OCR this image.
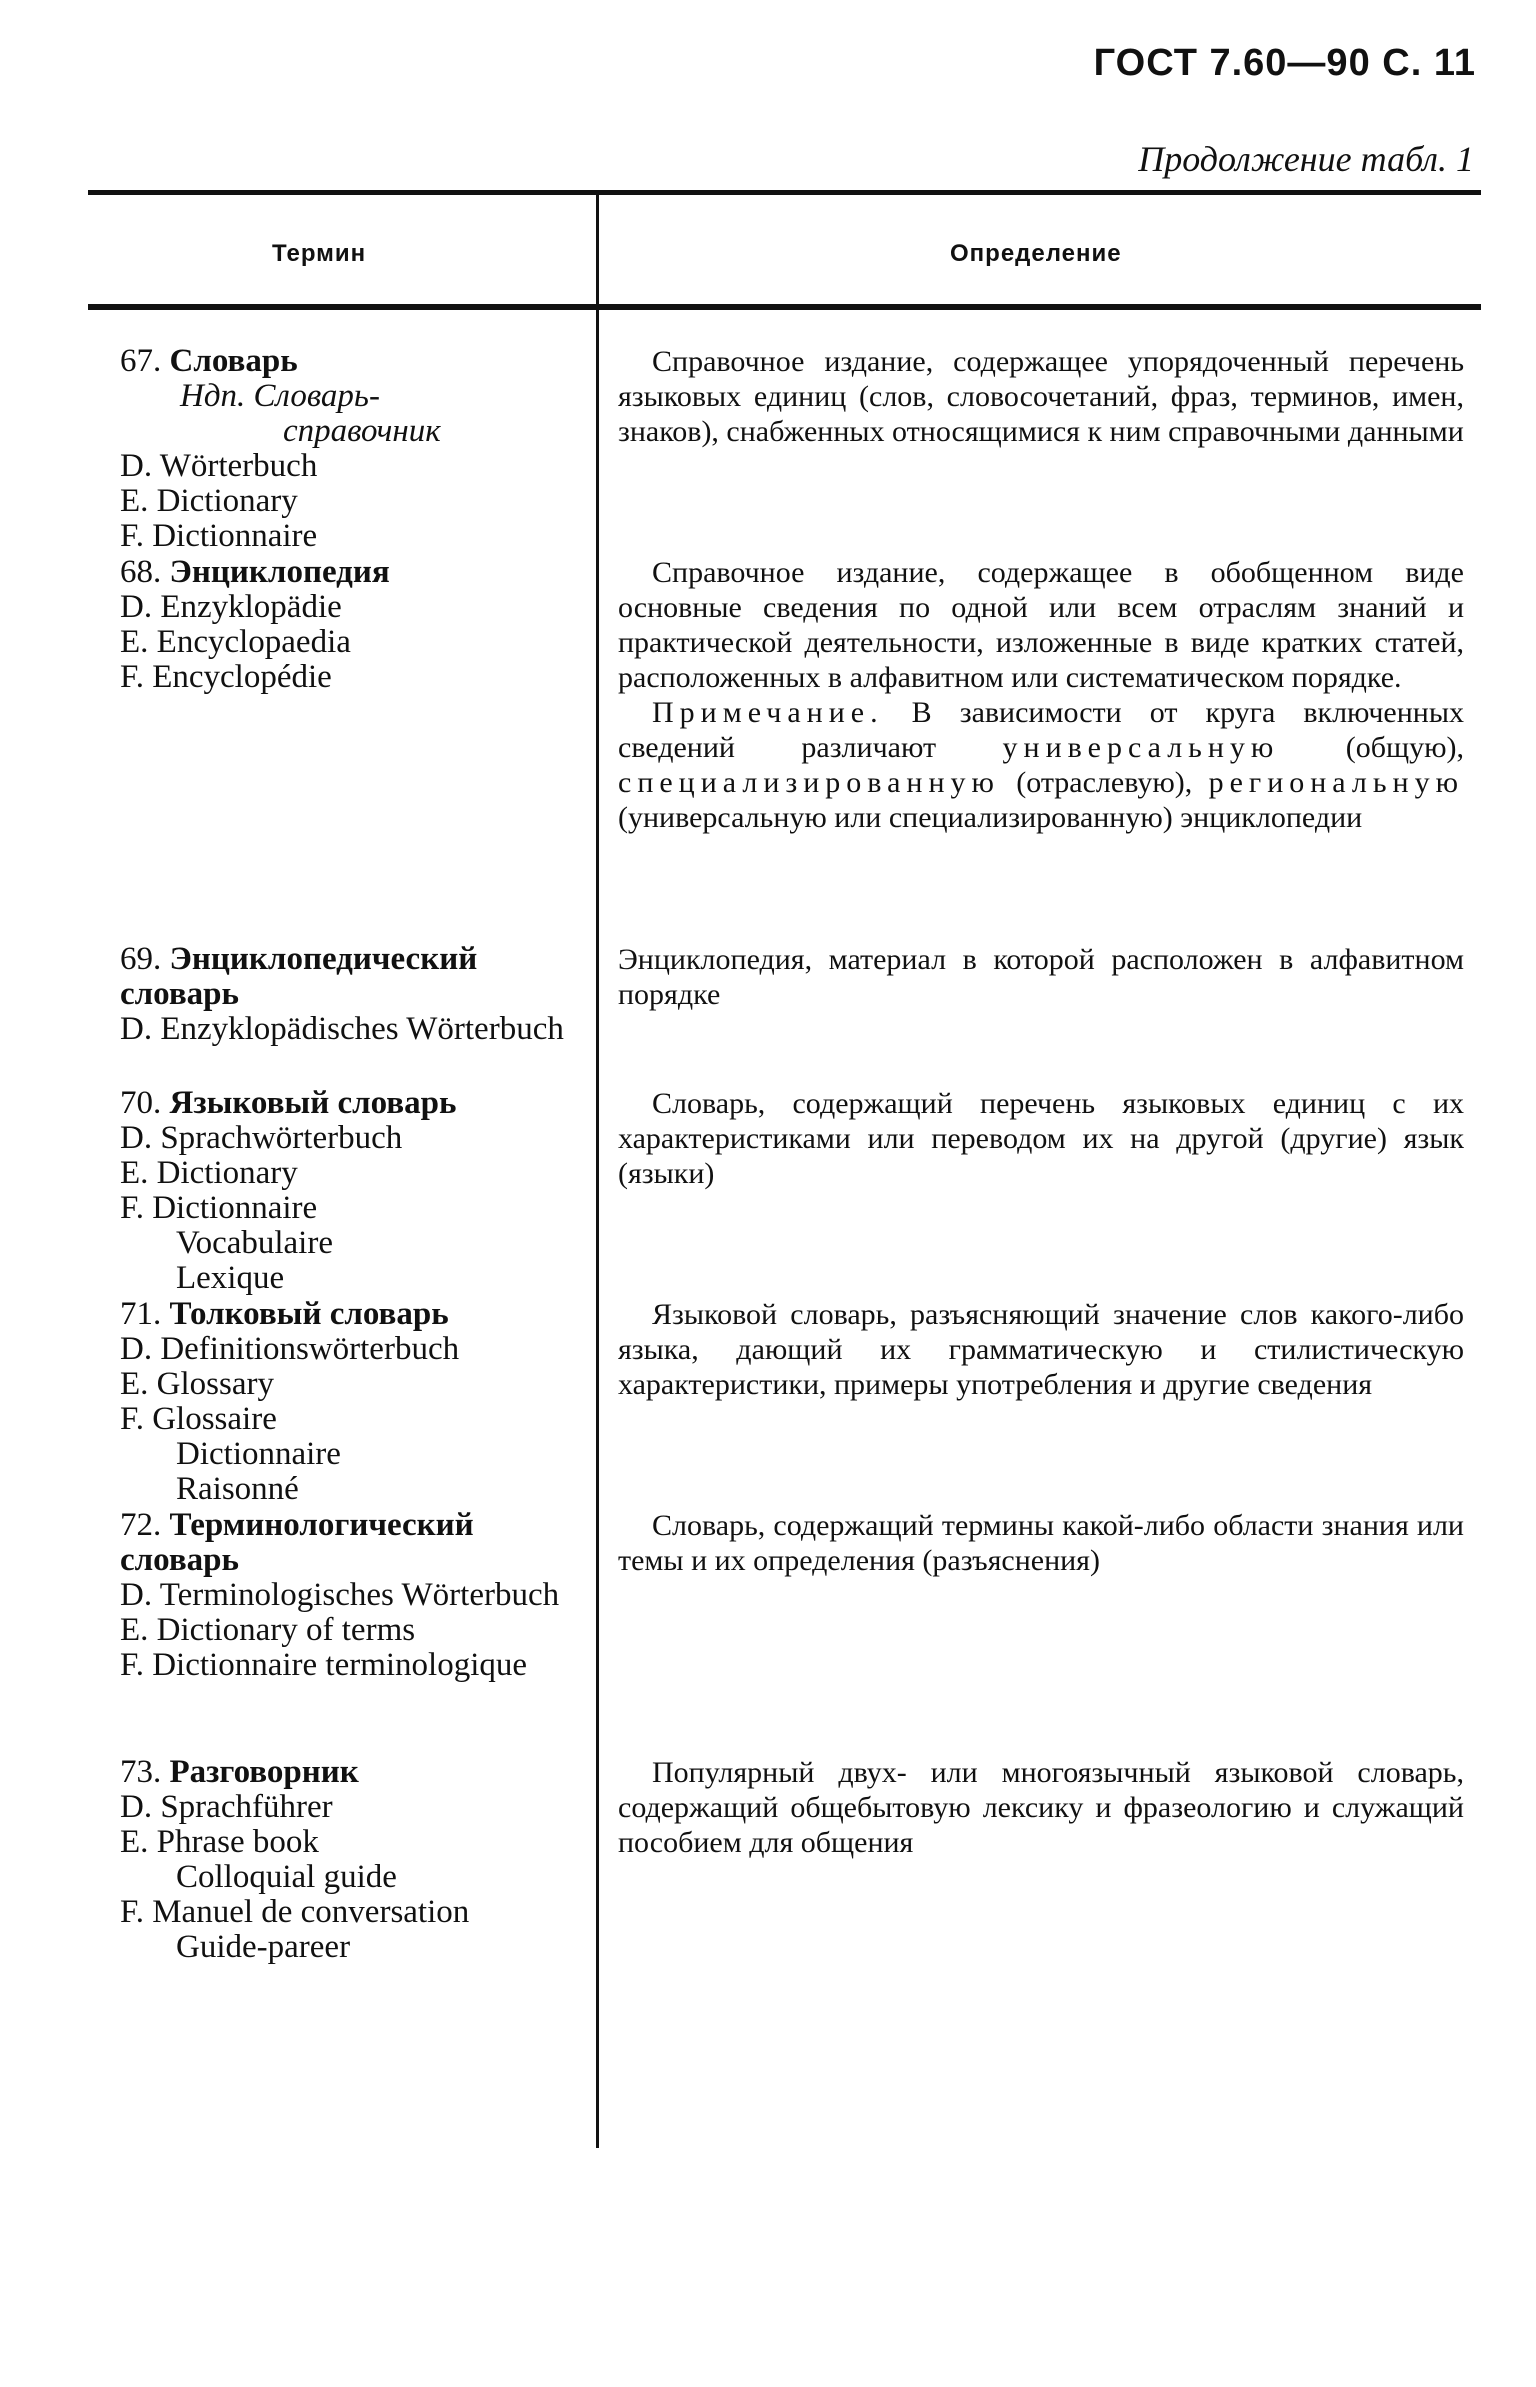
ГОСТ 7.60—90 С. 11
Продолжение табл. 1
Термин	Определение
67. Словарь
Ндп. Словарь-
справочник
D. Wörterbuch
E. Dictionary
F. Dictionnaire
Справочное издание, содержащее упорядоченный перечень языковых единиц (слов, словосочетаний, фраз, терминов, имен, знаков), снабженных относящимися к ним справочными данными
68. Энциклопедия
D. Enzyklopädie
E. Encyclopaedia
F. Encyclopédie
Справочное издание, содержащее в обобщенном виде основные сведения по одной или всем отраслям знаний и практической деятельности, изложенные в виде кратких статей, расположенных в алфавитном или систематическом порядке.
Примечание. В зависимости от круга включенных сведений различают универсальную (общую), специализированную (отраслевую), региональную (универсальную или специализированную) энциклопедии
69. Энциклопедический словарь
D. Enzyklopädisches Wörterbuch
Энциклопедия, материал в которой расположен в алфавитном порядке
70. Языковый словарь
D. Sprachwörterbuch
E. Dictionary
F. Dictionnaire
Vocabulaire
Lexique
Словарь, содержащий перечень языковых единиц с их характеристиками или переводом их на другой (другие) язык (языки)
71. Толковый словарь
D. Definitionswörterbuch
E. Glossary
F. Glossaire
Dictionnaire
Raisonné
Языковой словарь, разъясняющий значение слов какого-либо языка, дающий их грамматическую и стилистическую характеристики, примеры употребления и другие сведения
72. Терминологический словарь
D. Terminologisches Wörterbuch
E. Dictionary of terms
F. Dictionnaire terminologique
Словарь, содержащий термины какой-либо области знания или темы и их определения (разъяснения)
73. Разговорник
D. Sprachführer
E. Phrase book
Colloquial guide
F. Manuel de conversation
Guide-pareer
Популярный двух- или многоязычный языковой словарь, содержащий общебытовую лексику и фразеологию и служащий пособием для общения
